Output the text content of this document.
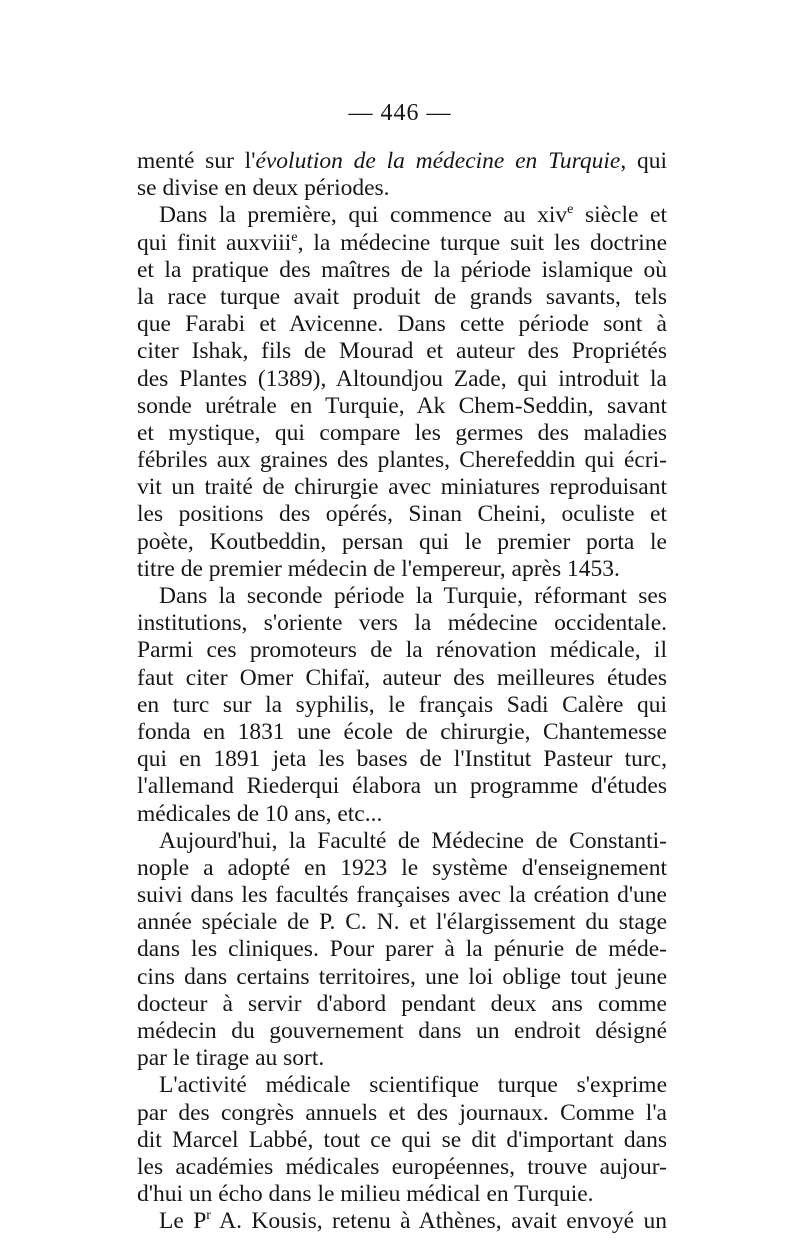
— 446 —
menté sur l'évolution de la médecine en Turquie, qui
se divise en deux périodes.
Dans la première, qui commence au xiv$^e$ siècle et
qui finit auxviii$^e$, la médecine turque suit les doctrine
et la pratique des maîtres de la période islamique où
la race turque avait produit de grands savants, tels
que Farabi et Avicenne. Dans cette période sont à
citer Ishak, fils de Mourad et auteur des Propriétés
des Plantes (1389), Altoundjou Zade, qui introduit la
sonde urétrale en Turquie, Ak Chem-Seddin, savant
et mystique, qui compare les germes des maladies
fébriles aux graines des plantes, Cherefeddin qui écri-
vit un traité de chirurgie avec miniatures reproduisant
les positions des opérés, Sinan Cheini, oculiste et
poète, Koutbeddin, persan qui le premier porta le
titre de premier médecin de l'empereur, après 1453.
Dans la seconde période la Turquie, réformant ses
institutions, s'oriente vers la médecine occidentale.
Parmi ces promoteurs de la rénovation médicale, il
faut citer Omer Chifaï, auteur des meilleures études
en turc sur la syphilis, le français Sadi Calère qui
fonda en 1831 une école de chirurgie, Chantemesse
qui en 1891 jeta les bases de l'Institut Pasteur turc,
l'allemand Riederqui élabora un programme d'études
médicales de 10 ans, etc...
Aujourd'hui, la Faculté de Médecine de Constanti-
nople a adopté en 1923 le système d'enseignement
suivi dans les facultés françaises avec la création d'une
année spéciale de P. C. N. et l'élargissement du stage
dans les cliniques. Pour parer à la pénurie de méde-
cins dans certains territoires, une loi oblige tout jeune
docteur à servir d'abord pendant deux ans comme
médecin du gouvernement dans un endroit désigné
par le tirage au sort.
L'activité médicale scientifique turque s'exprime
par des congrès annuels et des journaux. Comme l'a
dit Marcel Labbé, tout ce qui se dit d'important dans
les académies médicales européennes, trouve aujour-
d'hui un écho dans le milieu médical en Turquie.
Le $P^r$ A. Kousis, retenu à Athènes, avait envoyé un
